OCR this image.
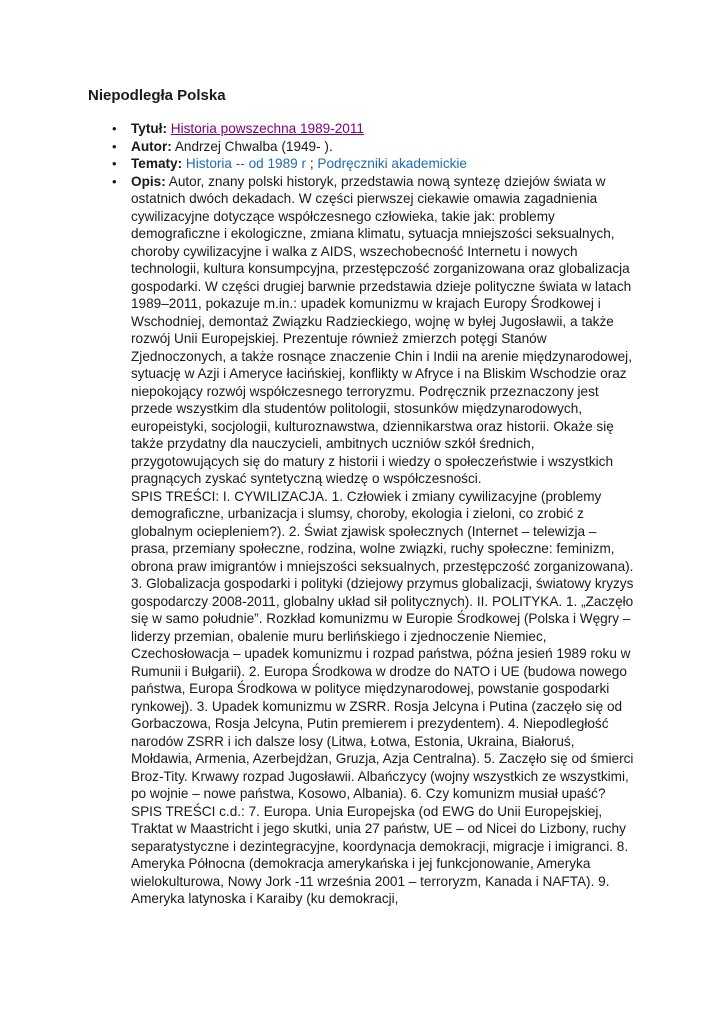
Niepodległa Polska
• Tytuł: Historia powszechna 1989-2011
• Autor: Andrzej Chwalba (1949- ).
• Tematy: Historia -- od 1989 r ; Podręczniki akademickie

• Opis: Autor, znany polski historyk, przedstawia nową syntezę dziejów świata w ostatnich dwóch dekadach. W części pierwszej ciekawie omawia zagadnienia cywilizacyjne dotyczące współczesnego człowieka, takie jak: problemy demograficzne i ekologiczne, zmiana klimatu, sytuacja mniejszości seksualnych, choroby cywilizacyjne i walka z AIDS, wszechobecność Internetu i nowych technologii, kultura konsumpcyjna, przestępczość zorganizowana oraz globalizacja gospodarki. W części drugiej barwnie przedstawia dzieje polityczne świata w latach 1989–2011, pokazuje m.in.: upadek komunizmu w krajach Europy Środkowej i Wschodniej, demontaż Związku Radzieckiego, wojnę w byłej Jugosławii, a także rozwój Unii Europejskiej. Prezentuje również zmierzch potęgi Stanów Zjednoczonych, a także rosnące znaczenie Chin i Indii na arenie międzynarodowej, sytuację w Azji i Ameryce łacińskiej, konflikty w Afryce i na Bliskim Wschodzie oraz niepokojący rozwój współczesnego terroryzmu. Podręcznik przeznaczony jest przede wszystkim dla studentów politologii, stosunków międzynarodowych, europeistyki, socjologii, kulturoznawstwa, dziennikarstwa oraz historii. Okaże się także przydatny dla nauczycieli, ambitnych uczniów szkół średnich, przygotowujących się do matury z historii i wiedzy o społeczeństwie i wszystkich pragnących zyskać syntetyczną wiedzę o współczesności.

SPIS TREŚCI: I. CYWILIZACJA. 1. Człowiek i zmiany cywilizacyjne (problemy demograficzne, urbanizacja i slumsy, choroby, ekologia i zieloni, co zrobić z globalnym ociepleniem?). 2. Świat zjawisk społecznych (Internet – telewizja – prasa, przemiany społeczne, rodzina, wolne związki, ruchy społeczne: feminizm, obrona praw imigrantów i mniejszości seksualnych, przestępczość zorganizowana). 3. Globalizacja gospodarki i polityki (dziejowy przymus globalizacji, światowy kryzys gospodarczy 2008-2011, globalny układ sił politycznych). II. POLITYKA. 1. „Zaczęło się w samo południe”. Rozkład komunizmu w Europie Środkowej (Polska i Węgry – liderzy przemian, obalenie muru berlińskiego i zjednoczenie Niemiec, Czechosłowacja – upadek komunizmu i rozpad państwa, późna jesień 1989 roku w Rumunii i Bułgarii). 2. Europa Środkowa w drodze do NATO i UE (budowa nowego państwa, Europa Środkowa w polityce międzynarodowej, powstanie gospodarki rynkowej). 3. Upadek komunizmu w ZSRR. Rosja Jelcyna i Putina (zaczęło się od Gorbaczowa, Rosja Jelcyna, Putin premierem i prezydentem). 4. Niepodległość narodów ZSRR i ich dalsze losy (Litwa, Łotwa, Estonia, Ukraina, Białoruś, Mołdawia, Armenia, Azerbejdżan, Gruzja, Azja Centralna). 5. Zaczęło się od śmierci Broz-Tity. Krwawy rozpad Jugosławii. Albańczycy (wojny wszystkich ze wszystkimi, po wojnie – nowe państwa, Kosowo, Albania). 6. Czy komunizm musiał upaść?

SPIS TREŚCI c.d.: 7. Europa. Unia Europejska (od EWG do Unii Europejskiej, Traktat w Maastricht i jego skutki, unia 27 państw, UE – od Nicei do Lizbony, ruchy separatystyczne i dezintegracyjne, koordynacja demokracji, migracje i imigranci. 8. Ameryka Północna (demokracja amerykańska i jej funkcjonowanie, Ameryka wielokulturowa, Nowy Jork -11 września 2001 – terroryzm, Kanada i NAFTA). 9. Ameryka latynoska i Karaiby (ku demokracji,
